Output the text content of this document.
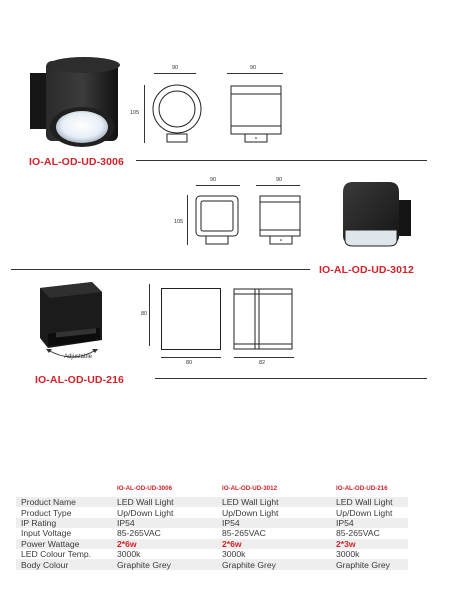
90
105
90
IO-AL-OD-UD-3006
90	90
105
IO-AL-OD-UD-3012
Adjustable
80
80	82
IO-AL-OD-UD-216
	IO-AL-OD-UD-3006	IO-AL-OD-UD-3012	IO-AL-OD-UD-216
Product Name	LED Wall Light	LED Wall Light	LED Wall Light
Product Type	Up/Down Light	Up/Down Light	Up/Down Light
IP Rating	IP54	IP54	IP54
Input Voltage	85-265VAC	85-265VAC	85-265VAC
Power Wattage	2*6w	2*6w	2*3w
LED Colour Temp.	3000k	3000k	3000k
Body Colour	Graphite Grey	Graphite Grey	Graphite Grey
